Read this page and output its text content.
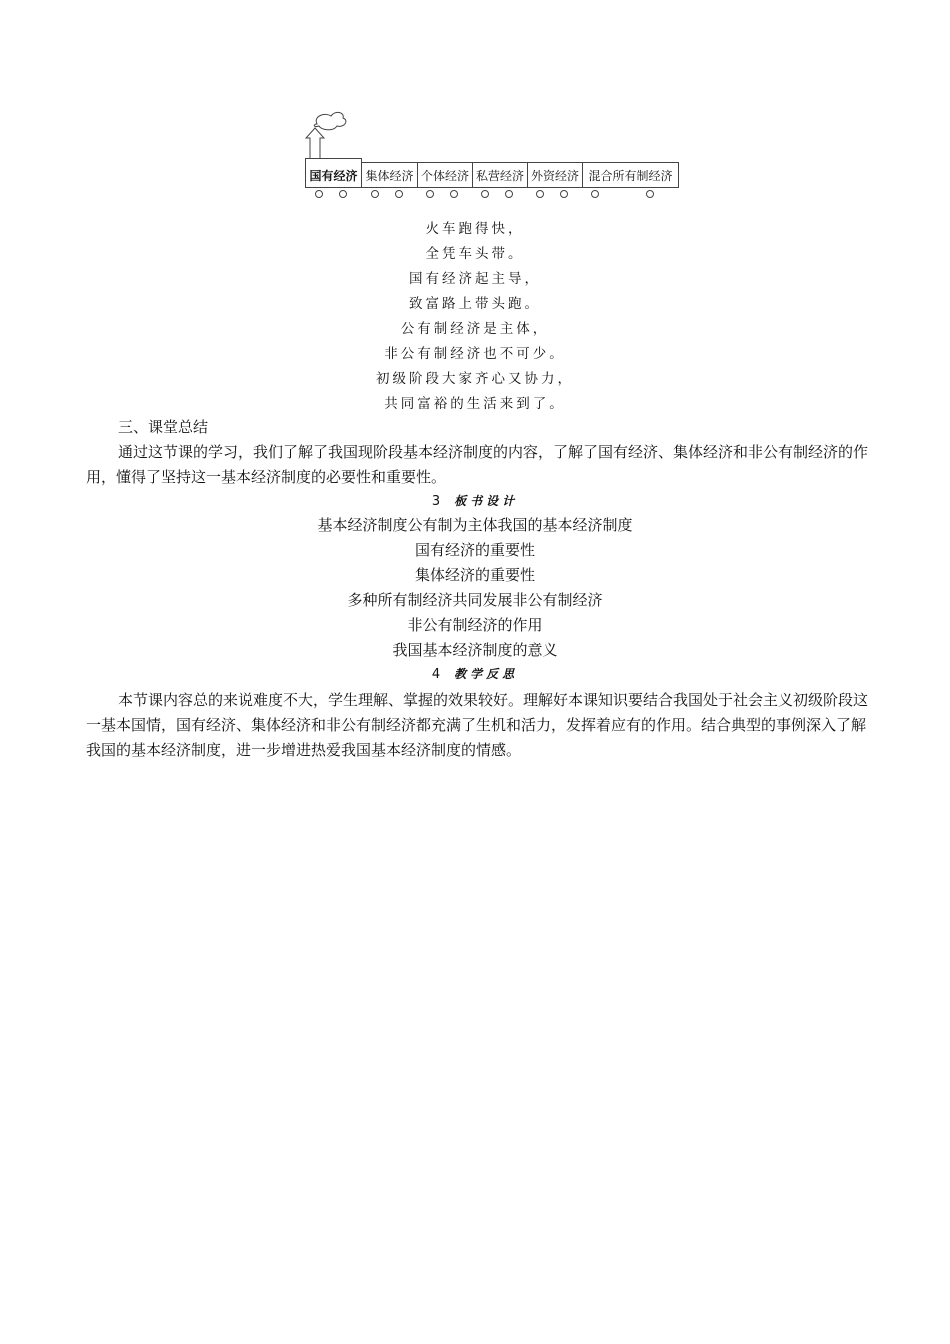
国有经济 集体经济 个体经济 私营经济 外资经济 混合所有制经济
火车跑得快，
全凭车头带。
国有经济起主导，
致富路上带头跑。
公有制经济是主体，
非公有制经济也不可少。
初级阶段大家齐心又协力，
共同富裕的生活来到了。
三、课堂总结
通过这节课的学习，我们了解了我国现阶段基本经济制度的内容，了解了国有经济、集体经济和非公有制经济的作用，懂得了坚持这一基本经济制度的必要性和重要性。
3 板书设计
基本经济制度公有制为主体我国的基本经济制度
国有经济的重要性
集体经济的重要性
多种所有制经济共同发展非公有制经济
非公有制经济的作用
我国基本经济制度的意义
4 教学反思
本节课内容总的来说难度不大，学生理解、掌握的效果较好。理解好本课知识要结合我国处于社会主义初级阶段这一基本国情，国有经济、集体经济和非公有制经济都充满了生机和活力，发挥着应有的作用。结合典型的事例深入了解我国的基本经济制度，进一步增进热爱我国基本经济制度的情感。
